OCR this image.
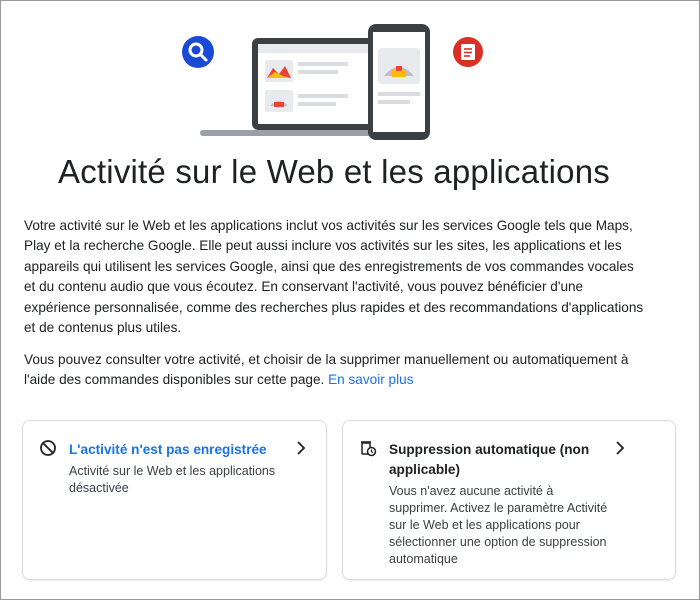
Activité sur le Web et les applications

Votre activité sur le Web et les applications inclut vos activités sur les services Google tels que Maps, Play et la recherche Google. Elle peut aussi inclure vos activités sur les sites, les applications et les appareils qui utilisent les services Google, ainsi que des enregistrements de vos commandes vocales et du contenu audio que vous écoutez. En conservant l'activité, vous pouvez bénéficier d'une expérience personnalisée, comme des recherches plus rapides et des recommandations d'applications et de contenus plus utiles.

Vous pouvez consulter votre activité, et choisir de la supprimer manuellement ou automatiquement à l'aide des commandes disponibles sur cette page. En savoir plus

L'activité n'est pas enregistrée
Activité sur le Web et les applications désactivée
Suppression automatique (non applicable)
Vous n'avez aucune activité à supprimer. Activez le paramètre Activité sur le Web et les applications pour sélectionner une option de suppression automatique
